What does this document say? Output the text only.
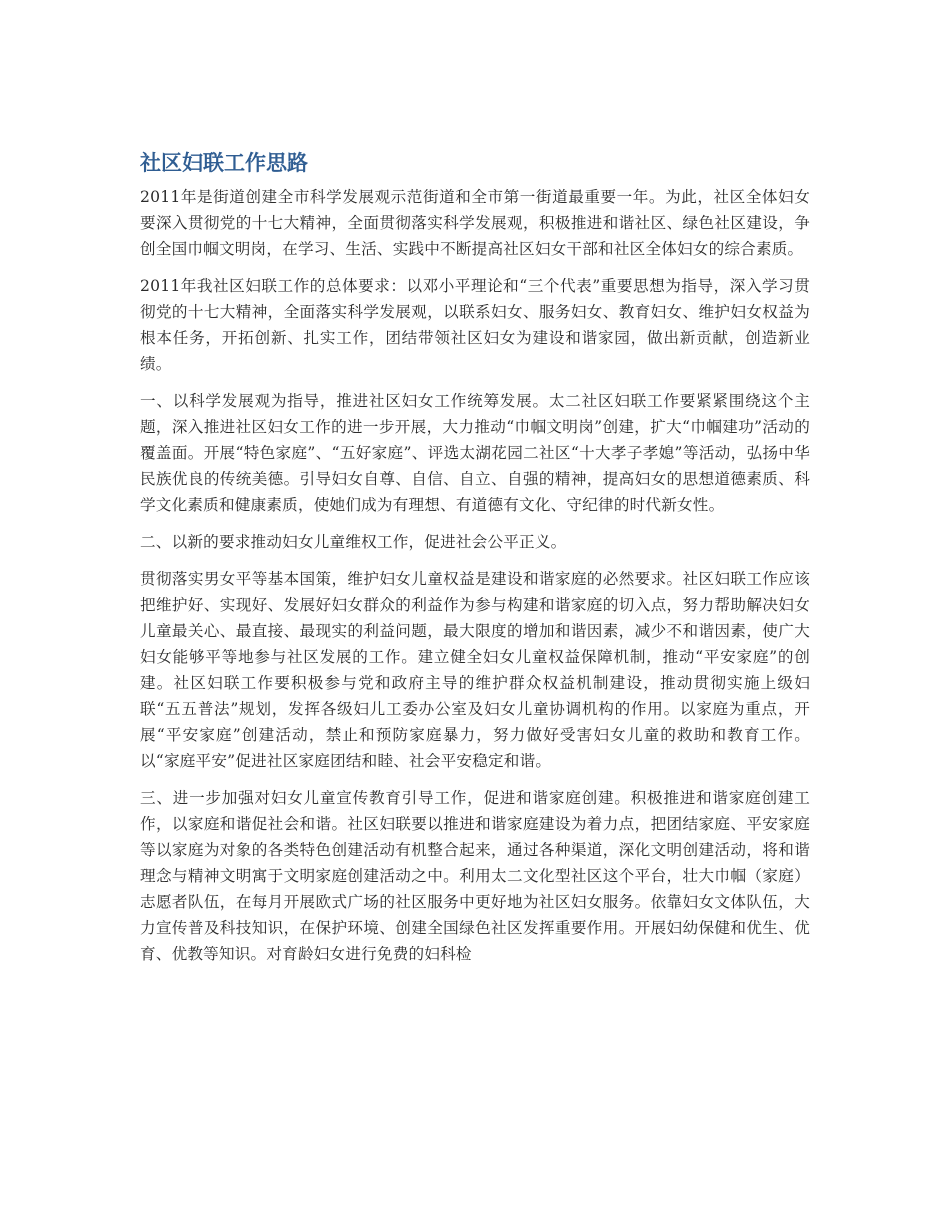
社区妇联工作思路

2011年是街道创建全市科学发展观示范街道和全市第一街道最重要一年。为此，社区全体妇女要深入贯彻党的十七大精神，全面贯彻落实科学发展观，积极推进和谐社区、绿色社区建设，争创全国巾帼文明岗，在学习、生活、实践中不断提高社区妇女干部和社区全体妇女的综合素质。

2011年我社区妇联工作的总体要求：以邓小平理论和“三个代表”重要思想为指导，深入学习贯彻党的十七大精神，全面落实科学发展观，以联系妇女、服务妇女、教育妇女、维护妇女权益为根本任务，开拓创新、扎实工作，团结带领社区妇女为建设和谐家园，做出新贡献，创造新业绩。

一、以科学发展观为指导，推进社区妇女工作统筹发展。太二社区妇联工作要紧紧围绕这个主题，深入推进社区妇女工作的进一步开展，大力推动“巾帼文明岗”创建，扩大“巾帼建功”活动的覆盖面。开展“特色家庭”、“五好家庭”、评选太湖花园二社区“十大孝子孝媳”等活动，弘扬中华民族优良的传统美德。引导妇女自尊、自信、自立、自强的精神，提高妇女的思想道德素质、科学文化素质和健康素质，使她们成为有理想、有道德有文化、守纪律的时代新女性。

二、以新的要求推动妇女儿童维权工作，促进社会公平正义。

贯彻落实男女平等基本国策，维护妇女儿童权益是建设和谐家庭的必然要求。社区妇联工作应该把维护好、实现好、发展好妇女群众的利益作为参与构建和谐家庭的切入点，努力帮助解决妇女儿童最关心、最直接、最现实的利益问题，最大限度的增加和谐因素，减少不和谐因素，使广大妇女能够平等地参与社区发展的工作。建立健全妇女儿童权益保障机制，推动“平安家庭”的创建。社区妇联工作要积极参与党和政府主导的维护群众权益机制建设，推动贯彻实施上级妇联“五五普法”规划，发挥各级妇儿工委办公室及妇女儿童协调机构的作用。以家庭为重点，开展“平安家庭”创建活动，禁止和预防家庭暴力，努力做好受害妇女儿童的救助和教育工作。以“家庭平安”促进社区家庭团结和睦、社会平安稳定和谐。

三、进一步加强对妇女儿童宣传教育引导工作，促进和谐家庭创建。积极推进和谐家庭创建工作，以家庭和谐促社会和谐。社区妇联要以推进和谐家庭建设为着力点，把团结家庭、平安家庭等以家庭为对象的各类特色创建活动有机整合起来，通过各种渠道，深化文明创建活动，将和谐理念与精神文明寓于文明家庭创建活动之中。利用太二文化型社区这个平台，壮大巾帼（家庭）志愿者队伍，在每月开展欧式广场的社区服务中更好地为社区妇女服务。依靠妇女文体队伍，大力宣传普及科技知识，在保护环境、创建全国绿色社区发挥重要作用。开展妇幼保健和优生、优育、优教等知识。对育龄妇女进行免费的妇科检
